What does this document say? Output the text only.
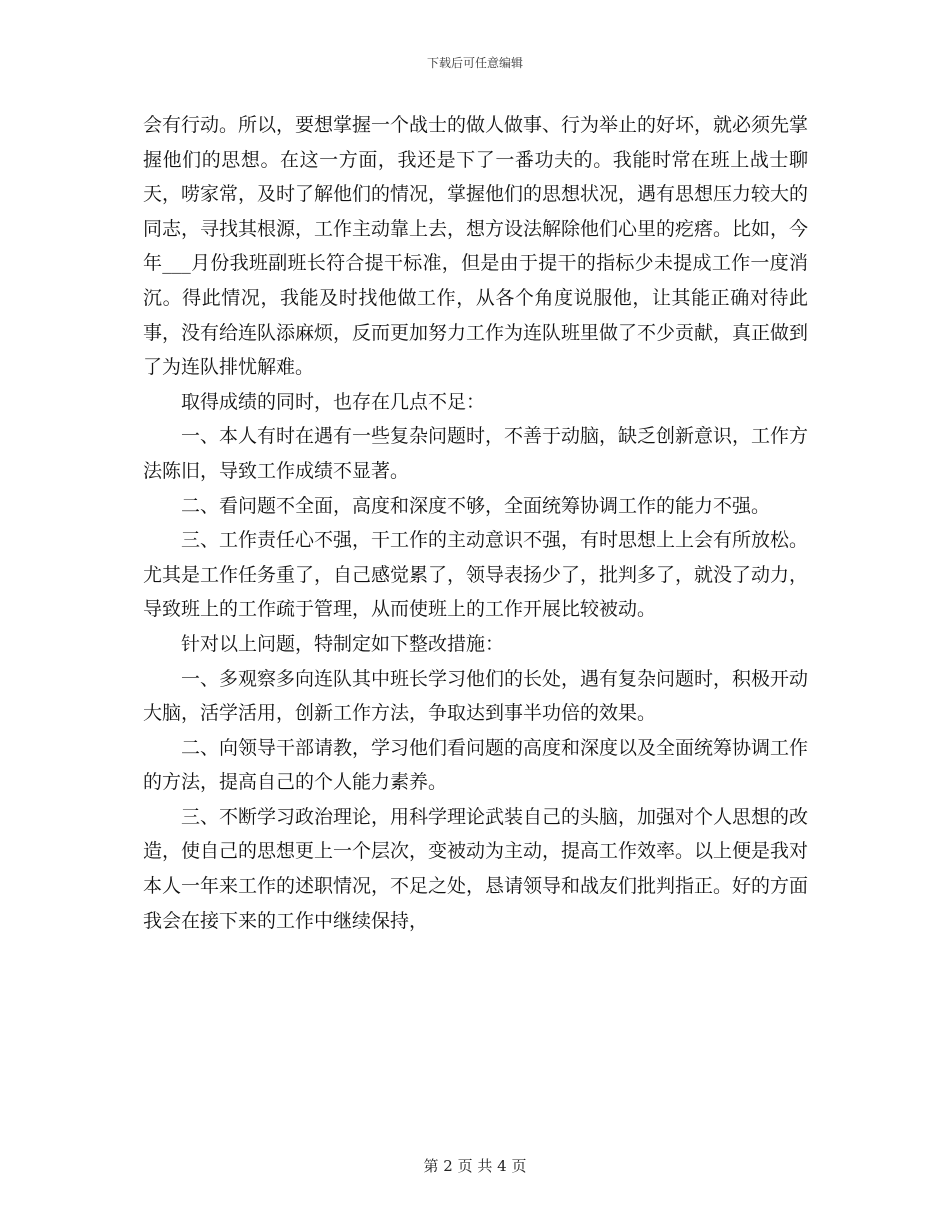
下载后可任意编辑

会有行动。所以，要想掌握一个战士的做人做事、行为举止的好坏，就必须先掌握他们的思想。在这一方面，我还是下了一番功夫的。我能时常在班上战士聊天，唠家常，及时了解他们的情况，掌握他们的思想状况，遇有思想压力较大的同志，寻找其根源，工作主动靠上去，想方设法解除他们心里的疙瘩。比如，今年___月份我班副班长符合提干标准，但是由于提干的指标少未提成工作一度消沉。得此情况，我能及时找他做工作，从各个角度说服他，让其能正确对待此事，没有给连队添麻烦，反而更加努力工作为连队班里做了不少贡献，真正做到了为连队排忧解难。

取得成绩的同时，也存在几点不足：

一、本人有时在遇有一些复杂问题时，不善于动脑，缺乏创新意识，工作方法陈旧，导致工作成绩不显著。

二、看问题不全面，高度和深度不够，全面统筹协调工作的能力不强。

三、工作责任心不强，干工作的主动意识不强，有时思想上上会有所放松。尤其是工作任务重了，自己感觉累了，领导表扬少了，批判多了，就没了动力，导致班上的工作疏于管理，从而使班上的工作开展比较被动。

针对以上问题，特制定如下整改措施：

一、多观察多向连队其中班长学习他们的长处，遇有复杂问题时，积极开动大脑，活学活用，创新工作方法，争取达到事半功倍的效果。

二、向领导干部请教，学习他们看问题的高度和深度以及全面统筹协调工作的方法，提高自己的个人能力素养。

三、不断学习政治理论，用科学理论武装自己的头脑，加强对个人思想的改造，使自己的思想更上一个层次，变被动为主动，提高工作效率。以上便是我对本人一年来工作的述职情况，不足之处，恳请领导和战友们批判指正。好的方面我会在接下来的工作中继续保持，

第 2 页 共 4 页
